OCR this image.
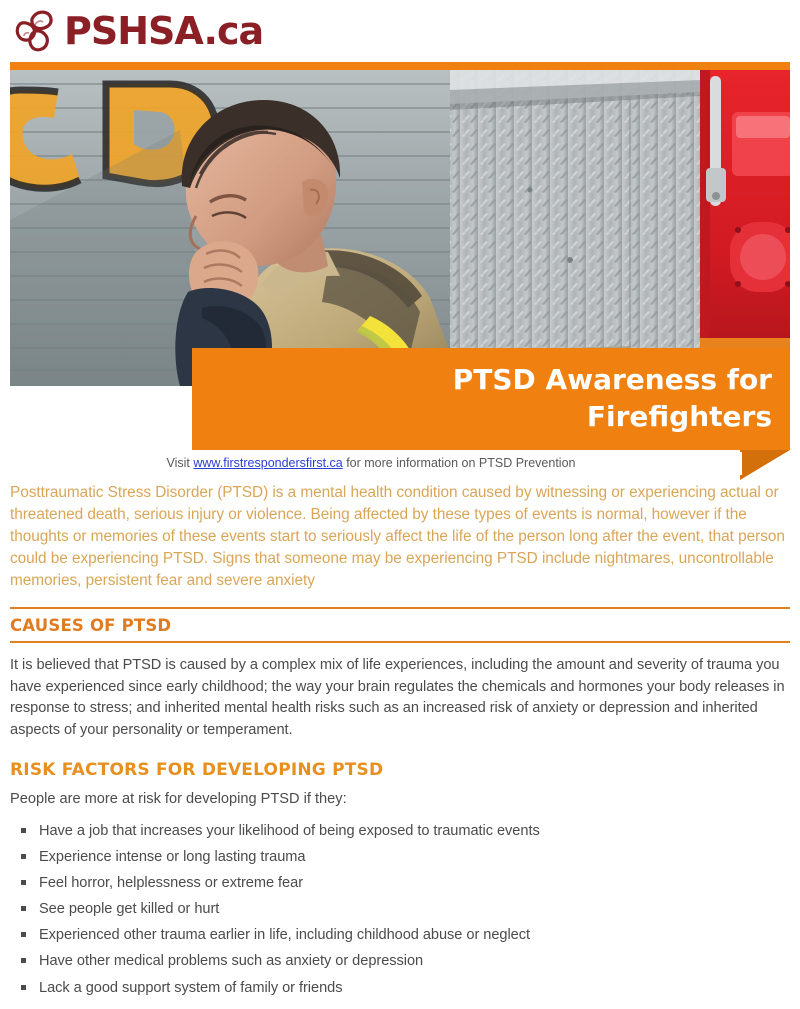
PSHSA.ca
PTSD Awareness for
Firefighters
Visit www.firstrespondersfirst.ca for more information on PTSD Prevention

Posttraumatic Stress Disorder (PTSD) is a mental health condition caused by witnessing or experiencing actual or threatened death, serious injury or violence. Being affected by these types of events is normal, however if the thoughts or memories of these events start to seriously affect the life of the person long after the event, that person could be experiencing PTSD. Signs that someone may be experiencing PTSD include nightmares, uncontrollable memories, persistent fear and severe anxiety

CAUSES OF PTSD

It is believed that PTSD is caused by a complex mix of life experiences, including the amount and severity of trauma you have experienced since early childhood; the way your brain regulates the chemicals and hormones your body releases in response to stress; and inherited mental health risks such as an increased risk of anxiety or depression and inherited aspects of your personality or temperament.

RISK FACTORS FOR DEVELOPING PTSD

People are more at risk for developing PTSD if they:

Have a job that increases your likelihood of being exposed to traumatic events
Experience intense or long lasting trauma
Feel horror, helplessness or extreme fear
See people get killed or hurt
Experienced other trauma earlier in life, including childhood abuse or neglect
Have other medical problems such as anxiety or depression
Lack a good support system of family or friends
